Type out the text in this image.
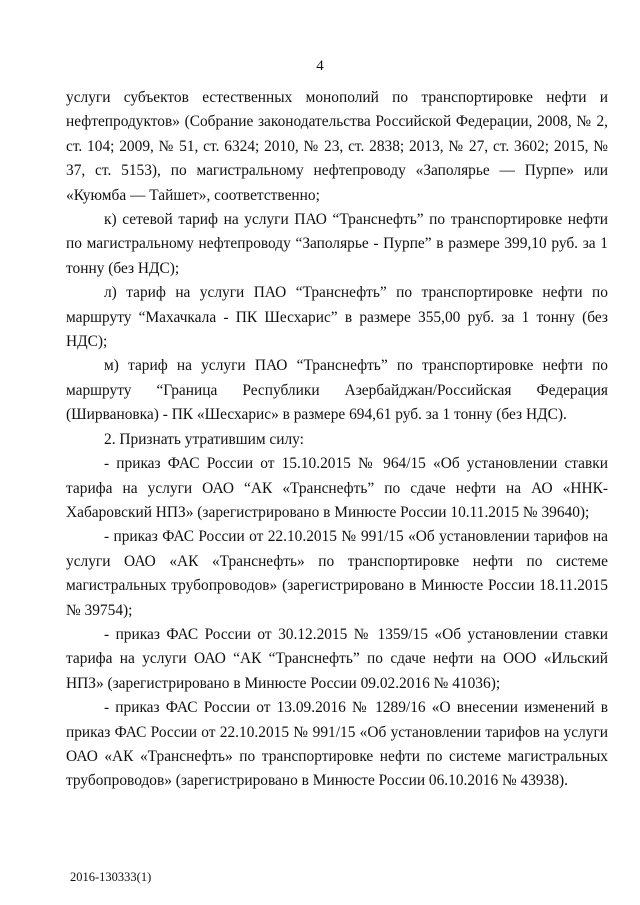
4

услуги субъектов естественных монополий по транспортировке нефти и нефтепродуктов» (Собрание законодательства Российской Федерации, 2008, № 2, ст. 104; 2009, № 51, ст. 6324; 2010, № 23, ст. 2838; 2013, № 27, ст. 3602; 2015, № 37, ст. 5153), по магистральному нефтепроводу «Заполярье — Пурпе» или «Куюмба — Тайшет», соответственно;

к) сетевой тариф на услуги ПАО “Транснефть” по транспортировке нефти по магистральному нефтепроводу “Заполярье - Пурпе” в размере 399,10 руб. за 1 тонну (без НДС);

л) тариф на услуги ПАО “Транснефть” по транспортировке нефти по маршруту “Махачкала - ПК Шесхарис” в размере 355,00 руб. за 1 тонну (без НДС);

м) тариф на услуги ПАО “Транснефть” по транспортировке нефти по маршруту “Граница Республики Азербайджан/Российская Федерация (Ширвановка) - ПК «Шесхарис» в размере 694,61 руб. за 1 тонну (без НДС).

2. Признать утратившим силу:

- приказ ФАС России от 15.10.2015 № 964/15 «Об установлении ставки тарифа на услуги ОАО “АК «Транснефть” по сдаче нефти на АО «ННК-Хабаровский НПЗ» (зарегистрировано в Минюсте России 10.11.2015 № 39640);

- приказ ФАС России от 22.10.2015 № 991/15 «Об установлении тарифов на услуги ОАО «АК «Транснефть» по транспортировке нефти по системе магистральных трубопроводов» (зарегистрировано в Минюсте России 18.11.2015 № 39754);

- приказ ФАС России от 30.12.2015 № 1359/15 «Об установлении ставки тарифа на услуги ОАО “АК “Транснефть” по сдаче нефти на ООО «Ильский НПЗ» (зарегистрировано в Минюсте России 09.02.2016 № 41036);

- приказ ФАС России от 13.09.2016 № 1289/16 «О внесении изменений в приказ ФАС России от 22.10.2015 № 991/15 «Об установлении тарифов на услуги ОАО «АК «Транснефть» по транспортировке нефти по системе магистральных трубопроводов» (зарегистрировано в Минюсте России 06.10.2016 № 43938).

2016-130333(1)
